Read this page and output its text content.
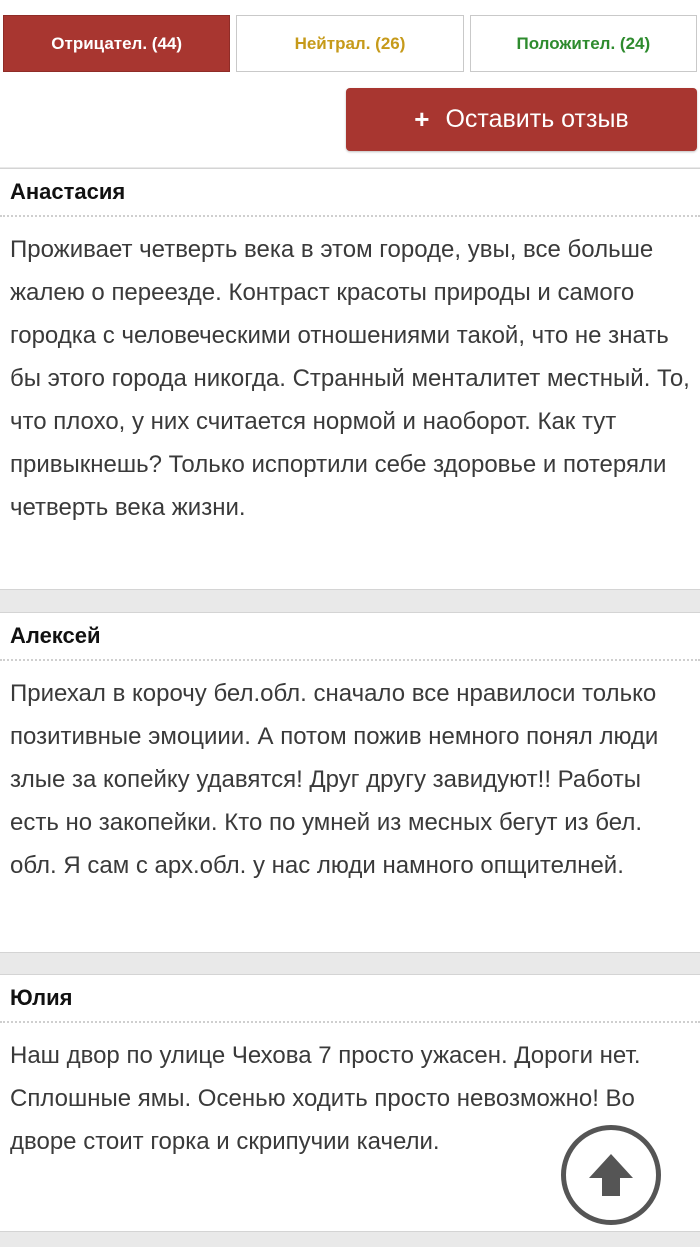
Отрицател. (44)	Нейтрал. (26)	Положител. (24)
+ Оставить отзыв
Анастасия
Проживает четверть века в этом городе, увы, все больше жалею о переезде. Контраст красоты природы и самого городка с человеческими отношениями такой, что не знать бы этого города никогда. Странный менталитет местный. То, что плохо, у них считается нормой и наоборот. Как тут привыкнешь? Только испортили себе здоровье и потеряли четверть века жизни.
Алексей
Приехал в корочу бел.обл. сначало все нравилоси только позитивные эмоциии. А потом пожив немного понял люди злые за копейку удавятся! Друг другу завидуют!! Работы есть но закопейки. Кто по умней из месных бегут из бел. обл. Я сам с арх.обл. у нас люди намного опщителней.
Юлия
Наш двор по улице Чехова 7 просто ужасен. Дороги нет. Сплошные ямы. Осенью ходить просто невозможно! Во дворе стоит горка и скрипучии качели.
